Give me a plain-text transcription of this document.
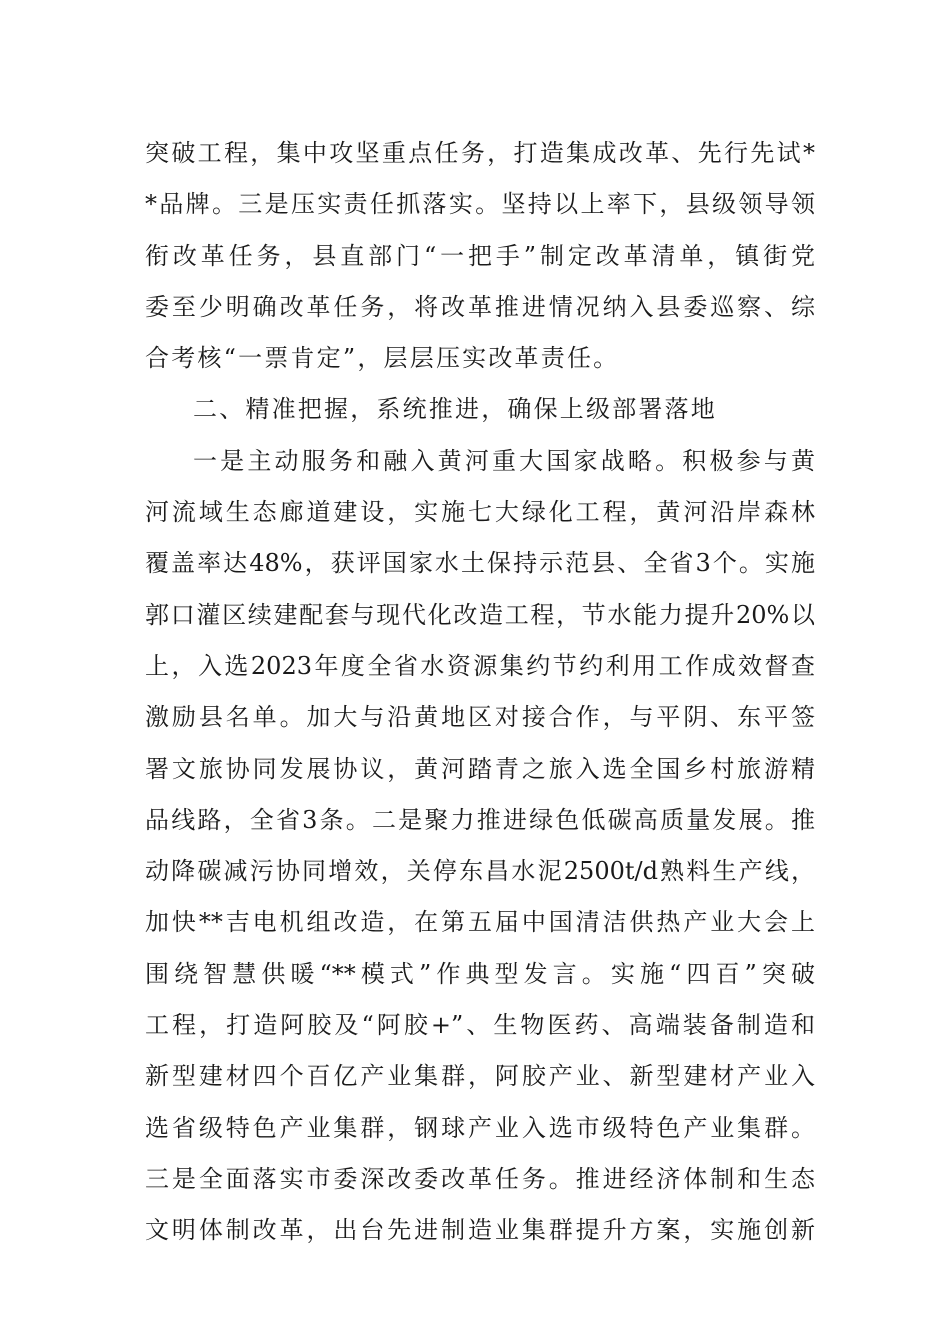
突破工程，集中攻坚重点任务，打造集成改革、先行先试*
*品牌。三是压实责任抓落实。坚持以上率下，县级领导领
衔改革任务，县直部门“一把手”制定改革清单，镇街党
委至少明确改革任务，将改革推进情况纳入县委巡察、综
合考核“一票肯定”，层层压实改革责任。
二、精准把握，系统推进，确保上级部署落地
一是主动服务和融入黄河重大国家战略。积极参与黄
河流域生态廊道建设，实施七大绿化工程，黄河沿岸森林
覆盖率达48%，获评国家水土保持示范县、全省3个。实施
郭口灌区续建配套与现代化改造工程，节水能力提升20%以
上，入选2023年度全省水资源集约节约利用工作成效督查
激励县名单。加大与沿黄地区对接合作，与平阴、东平签
署文旅协同发展协议，黄河踏青之旅入选全国乡村旅游精
品线路，全省3条。二是聚力推进绿色低碳高质量发展。推
动降碳减污协同增效，关停东昌水泥2500t/d熟料生产线，
加快**吉电机组改造，在第五届中国清洁供热产业大会上
围绕智慧供暖“**模式”作典型发言。实施“四百”突破
工程，打造阿胶及“阿胶+”、生物医药、高端装备制造和
新型建材四个百亿产业集群，阿胶产业、新型建材产业入
选省级特色产业集群，钢球产业入选市级特色产业集群。
三是全面落实市委深改委改革任务。推进经济体制和生态
文明体制改革，出台先进制造业集群提升方案，实施创新
